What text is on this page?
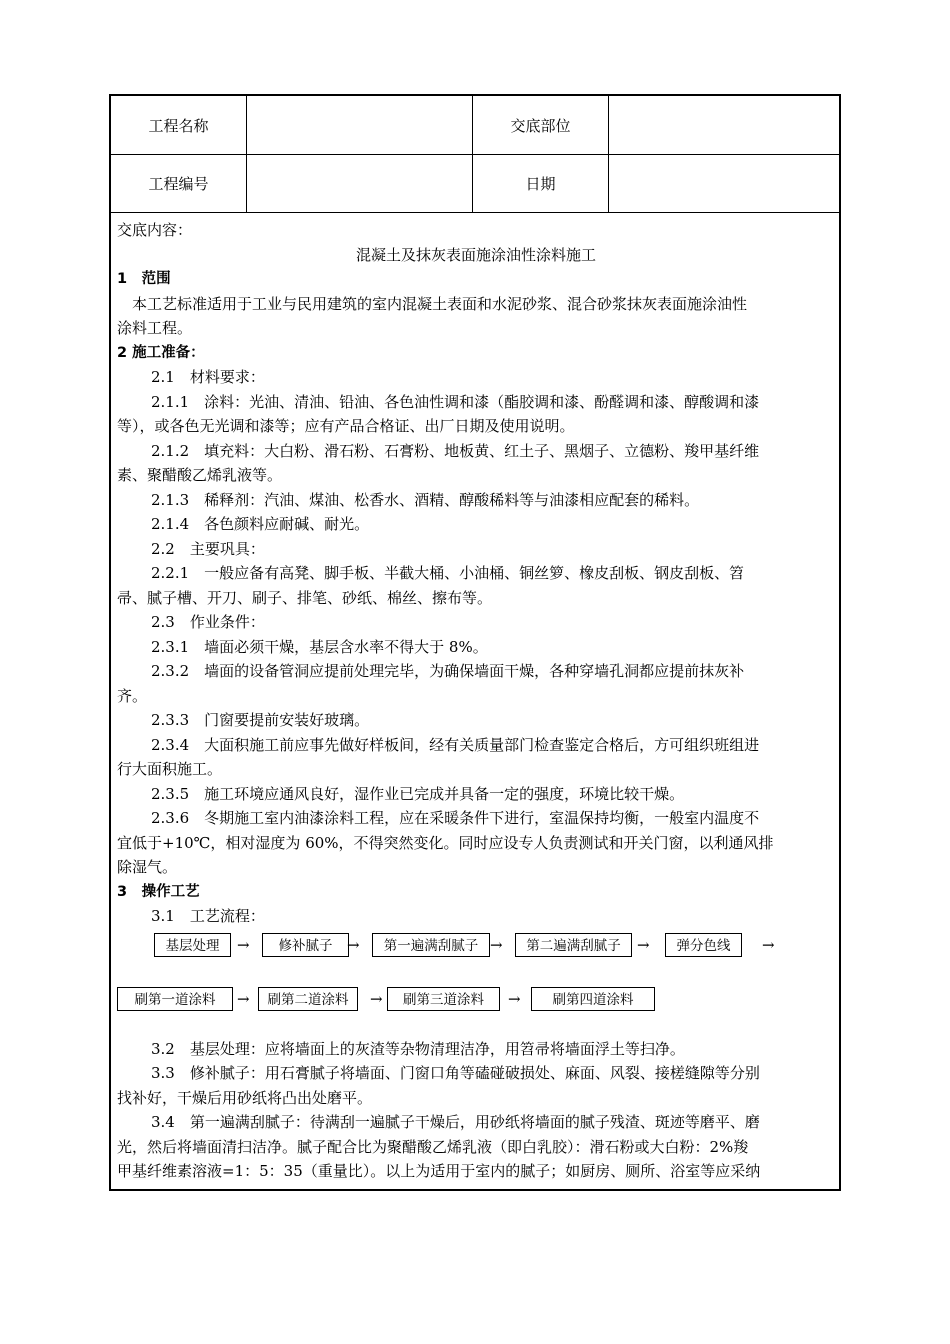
工程名称	交底部位
工程编号	日期
交底内容：
混凝土及抹灰表面施涂油性涂料施工
1　范围
　本工艺标准适用于工业与民用建筑的室内混凝土表面和水泥砂浆、混合砂浆抹灰表面施涂油性
涂料工程。
2 施工准备：
2.1　材料要求：
2.1.1　涂料：光油、清油、铅油、各色油性调和漆（酯胶调和漆、酚醛调和漆、醇酸调和漆
等），或各色无光调和漆等；应有产品合格证、出厂日期及使用说明。
2.1.2　填充料：大白粉、滑石粉、石膏粉、地板黄、红土子、黑烟子、立德粉、羧甲基纤维
素、聚醋酸乙烯乳液等。
2.1.3　稀释剂：汽油、煤油、松香水、酒精、醇酸稀料等与油漆相应配套的稀料。
2.1.4　各色颜料应耐碱、耐光。
2.2　主要巩具：
2.2.1　一般应备有高凳、脚手板、半截大桶、小油桶、铜丝箩、橡皮刮板、钢皮刮板、笤
帚、腻子槽、开刀、刷子、排笔、砂纸、棉丝、擦布等。
2.3　作业条件：
2.3.1　墙面必须干燥，基层含水率不得大于 8%。
2.3.2　墙面的设备管洞应提前处理完毕，为确保墙面干燥，各种穿墙孔洞都应提前抹灰补
齐。
2.3.3　门窗要提前安装好玻璃。
2.3.4　大面积施工前应事先做好样板间，经有关质量部门检查鉴定合格后，方可组织班组进
行大面积施工。
2.3.5　施工环境应通风良好，湿作业已完成并具备一定的强度，环境比较干燥。
2.3.6　冬期施工室内油漆涂料工程，应在采暖条件下进行，室温保持均衡，一般室内温度不
宜低于+10℃，相对湿度为 60%，不得突然变化。同时应设专人负责测试和开关门窗，以利通风排
除湿气。
3　操作工艺
3.1　工艺流程：
基层处理	修补腻子	第一遍满刮腻子	第二遍满刮腻子	弹分色线
→	→	→	→	→
刷第一道涂料	刷第二道涂料	刷第三道涂料	刷第四道涂料
→	→	→
3.2　基层处理：应将墙面上的灰渣等杂物清理洁净，用笤帚将墙面浮土等扫净。
3.3　修补腻子：用石膏腻子将墙面、门窗口角等磕碰破损处、麻面、风裂、接槎缝隙等分别
找补好，干燥后用砂纸将凸出处磨平。
3.4　第一遍满刮腻子：待满刮一遍腻子干燥后，用砂纸将墙面的腻子残渣、斑迹等磨平、磨
光，然后将墙面清扫洁净。腻子配合比为聚醋酸乙烯乳液（即白乳胶）：滑石粉或大白粉：2%羧
甲基纤维素溶液=1：5：35（重量比）。以上为适用于室内的腻子；如厨房、厕所、浴室等应采纳
